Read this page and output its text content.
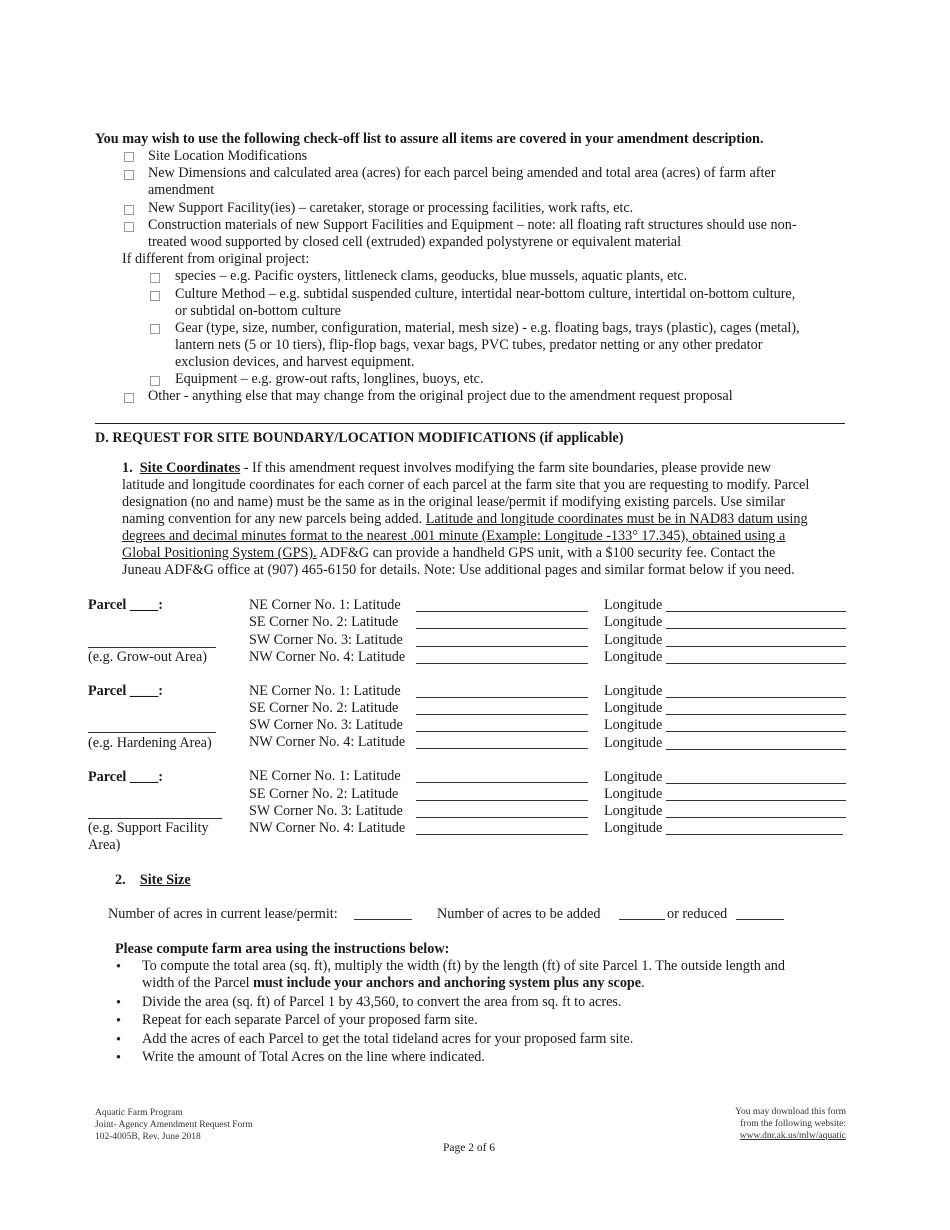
You may wish to use the following check-off list to assure all items are covered in your amendment description.
Site Location Modifications
New Dimensions and calculated area (acres) for each parcel being amended and total area (acres) of farm after
amendment
New Support Facility(ies) – caretaker, storage or processing facilities, work rafts, etc.
Construction materials of new Support Facilities and Equipment – note: all floating raft structures should use non-
treated wood supported by closed cell (extruded) expanded polystyrene or equivalent material
If different from original project:
species – e.g. Pacific oysters, littleneck clams, geoducks, blue mussels, aquatic plants, etc.
Culture Method – e.g. subtidal suspended culture, intertidal near-bottom culture, intertidal on-bottom culture,
or subtidal on-bottom culture
Gear (type, size, number, configuration, material, mesh size) - e.g. floating bags, trays (plastic), cages (metal),
lantern nets (5 or 10 tiers), flip-flop bags, vexar bags, PVC tubes, predator netting or any other predator
exclusion devices, and harvest equipment.
Equipment – e.g. grow-out rafts, longlines, buoys, etc.
Other - anything else that may change from the original project due to the amendment request proposal
D. REQUEST FOR SITE BOUNDARY/LOCATION MODIFICATIONS (if applicable)
1. Site Coordinates - If this amendment request involves modifying the farm site boundaries, please provide new
latitude and longitude coordinates for each corner of each parcel at the farm site that you are requesting to modify. Parcel
designation (no and name) must be the same as in the original lease/permit if modifying existing parcels. Use similar
naming convention for any new parcels being added. Latitude and longitude coordinates must be in NAD83 datum using
degrees and decimal minutes format to the nearest .001 minute (Example: Longitude -133° 17.345), obtained using a
Global Positioning System (GPS). ADF&G can provide a handheld GPS unit, with a $100 security fee. Contact the
Juneau ADF&G office at (907) 465-6150 for details. Note: Use additional pages and similar format below if you need.
Parcel ____:
(e.g. Grow-out Area)
NE Corner No. 1: Latitude
SE Corner No. 2: Latitude
SW Corner No. 3: Latitude
NW Corner No. 4: Latitude
Longitude
Longitude
Longitude
Longitude
Parcel ____:
(e.g. Hardening Area)
NE Corner No. 1: Latitude
SE Corner No. 2: Latitude
SW Corner No. 3: Latitude
NW Corner No. 4: Latitude
Longitude
Longitude
Longitude
Longitude
Parcel ____:
(e.g. Support Facility
Area)
NE Corner No. 1: Latitude
SE Corner No. 2: Latitude
SW Corner No. 3: Latitude
NW Corner No. 4: Latitude
Longitude
Longitude
Longitude
Longitude
2. Site Size
Number of acres in current lease/permit:	Number of acres to be added	or reduced
Please compute farm area using the instructions below:
• To compute the total area (sq. ft), multiply the width (ft) by the length (ft) of site Parcel 1. The outside length and
width of the Parcel must include your anchors and anchoring system plus any scope.
• Divide the area (sq. ft) of Parcel 1 by 43,560, to convert the area from sq. ft to acres.
• Repeat for each separate Parcel of your proposed farm site.
• Add the acres of each Parcel to get the total tideland acres for your proposed farm site.
• Write the amount of Total Acres on the line where indicated.
Aquatic Farm Program
Joint- Agency Amendment Request Form
102-4005B, Rev. June 2018
You may download this form
from the following website:
www.dnr.ak.us/mlw/aquatic
Page 2 of 6
